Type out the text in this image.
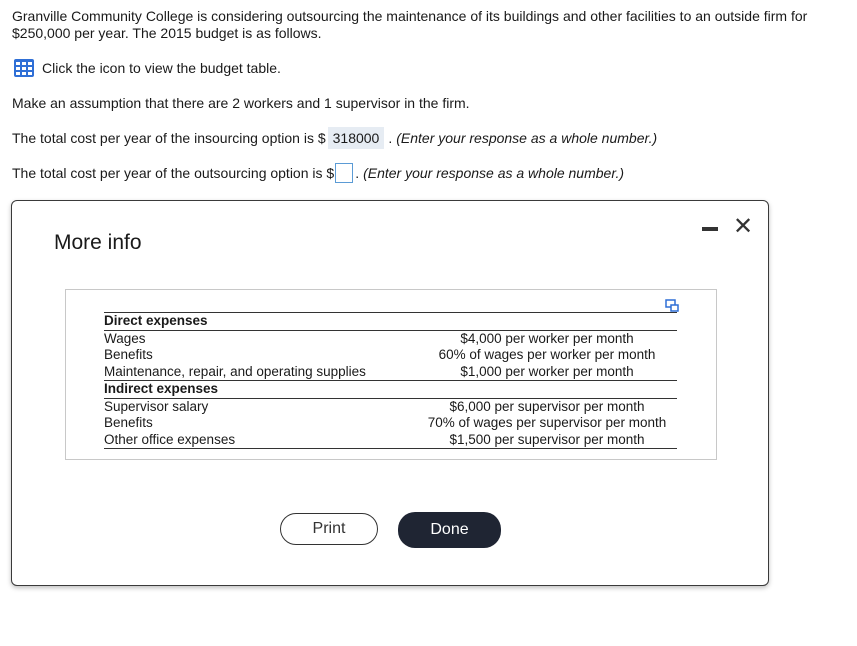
Granville Community College is considering outsourcing the maintenance of its buildings and other facilities to an outside firm for $250,000 per year. The 2015 budget is as follows.
Click the icon to view the budget table.
Make an assumption that there are 2 workers and 1 supervisor in the firm.
The total cost per year of the insourcing option is $ 318000 . (Enter your response as a whole number.)
The total cost per year of the outsourcing option is $ . (Enter your response as a whole number.)
More info
✕
Direct expenses	
Wages	$4,000 per worker per month
Benefits	60% of wages per worker per month
Maintenance, repair, and operating supplies	$1,000 per worker per month
Indirect expenses	
Supervisor salary	$6,000 per supervisor per month
Benefits	70% of wages per supervisor per month
Other office expenses	$1,500 per supervisor per month
Print	Done
